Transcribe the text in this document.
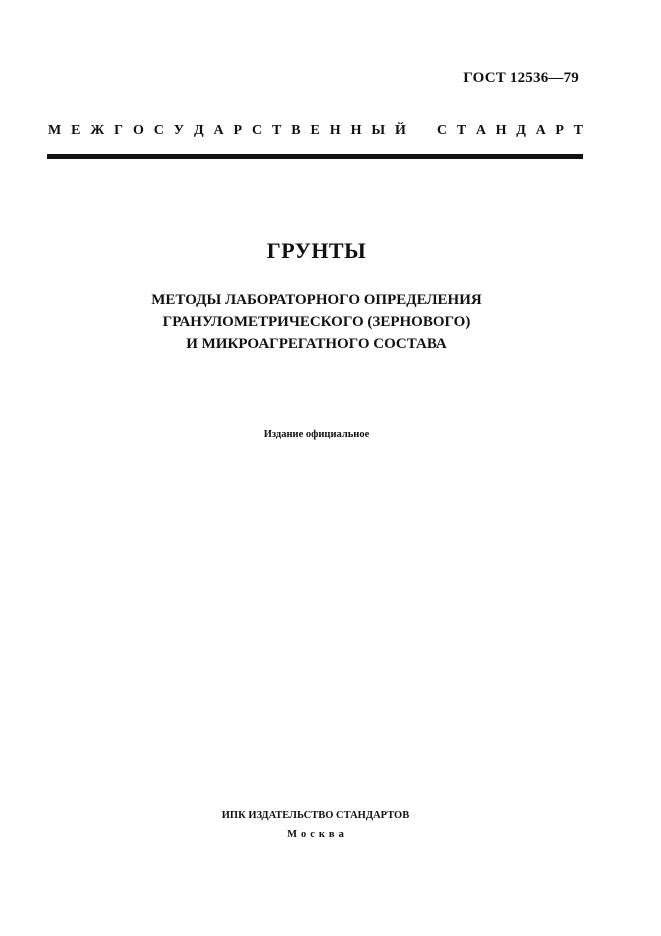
ГОСТ 12536—79
М Е Ж Г О С У Д А Р С Т В Е Н Н Ы Й С Т А Н Д А Р Т
ГРУНТЫ
МЕТОДЫ ЛАБОРАТОРНОГО ОПРЕДЕЛЕНИЯ
ГРАНУЛОМЕТРИЧЕСКОГО (ЗЕРНОВОГО)
И МИКРОАГРЕГАТНОГО СОСТАВА
Издание официальное
ИПК ИЗДАТЕЛЬСТВО СТАНДАРТОВ
Москва
